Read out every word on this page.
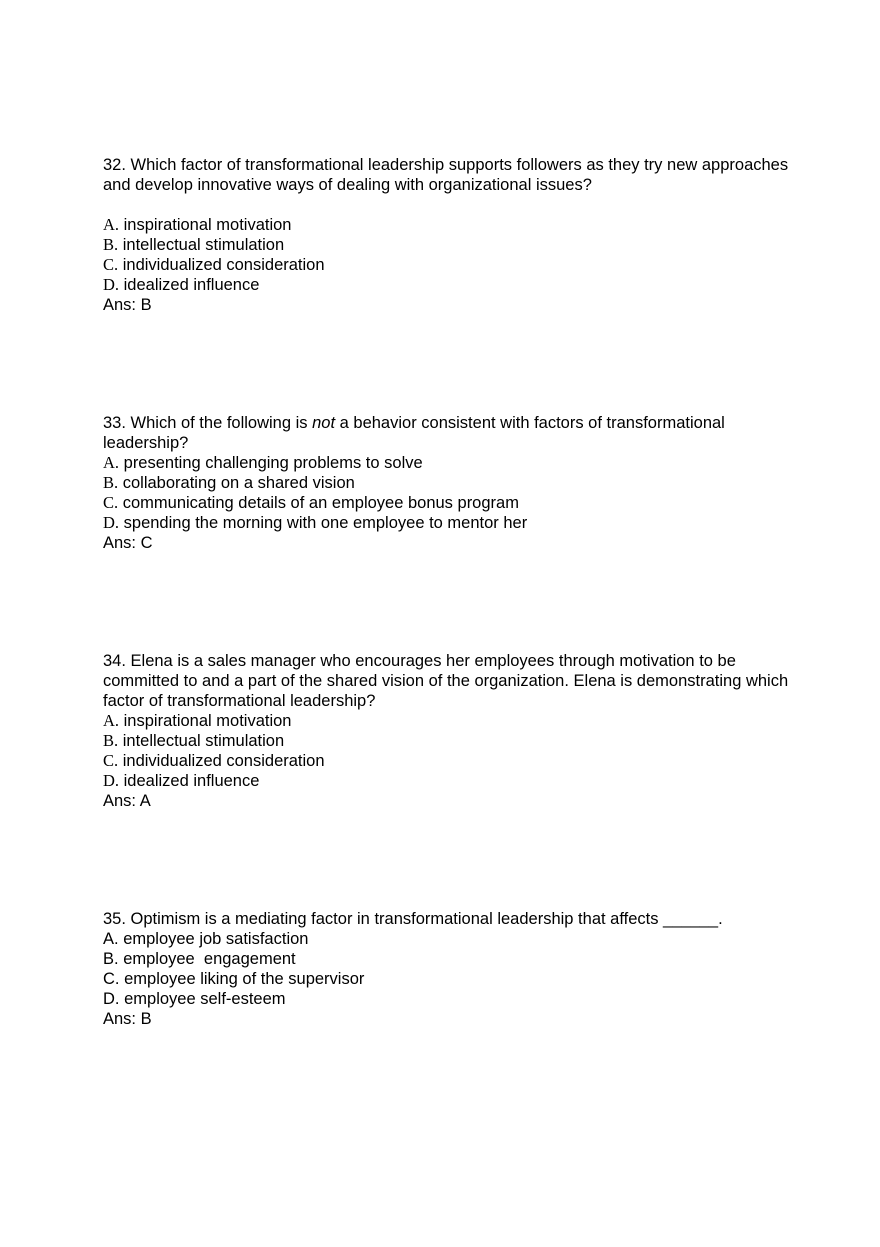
32. Which factor of transformational leadership supports followers as they try new approaches and develop innovative ways of dealing with organizational issues?

A. inspirational motivation

B. intellectual stimulation

C. individualized consideration

D. idealized influence

Ans: B

33. Which of the following is not a behavior consistent with factors of transformational leadership?

A. presenting challenging problems to solve

B. collaborating on a shared vision

C. communicating details of an employee bonus program

D. spending the morning with one employee to mentor her

Ans: C

34. Elena is a sales manager who encourages her employees through motivation to be committed to and a part of the shared vision of the organization. Elena is demonstrating which factor of transformational leadership?

A. inspirational motivation

B. intellectual stimulation

C. individualized consideration

D. idealized influence

Ans: A

35. Optimism is a mediating factor in transformational leadership that affects ______.

A. employee job satisfaction

B. employee  engagement

C. employee liking of the supervisor

D. employee self-esteem

Ans: B
